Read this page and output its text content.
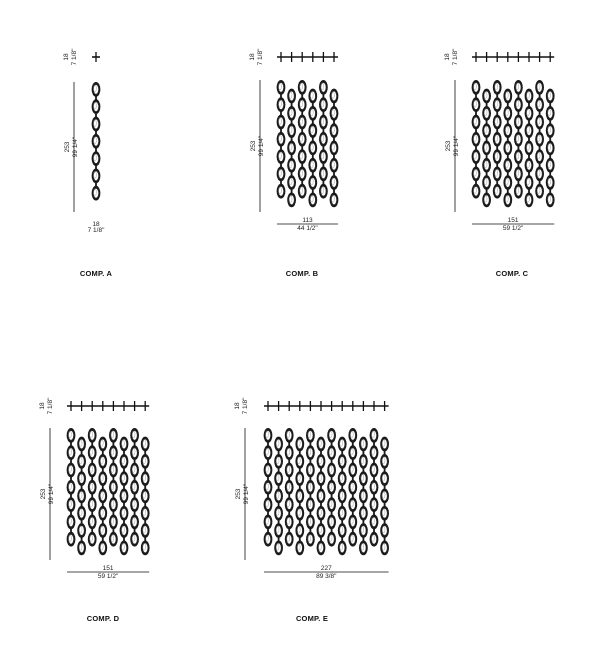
18 7 1/8"
253 99 1/4"
18
7 1/8"
COMP. A
18 7 1/8"
253 99 1/4"
113
44 1/2"
COMP. B
18 7 1/8"
253 99 1/4"
151
59 1/2"
COMP. C
18 7 1/8"
253 99 1/4"
151
59 1/2"
COMP. D
18 7 1/8"
253 99 1/4"
227
89 3/8"
COMP. E
